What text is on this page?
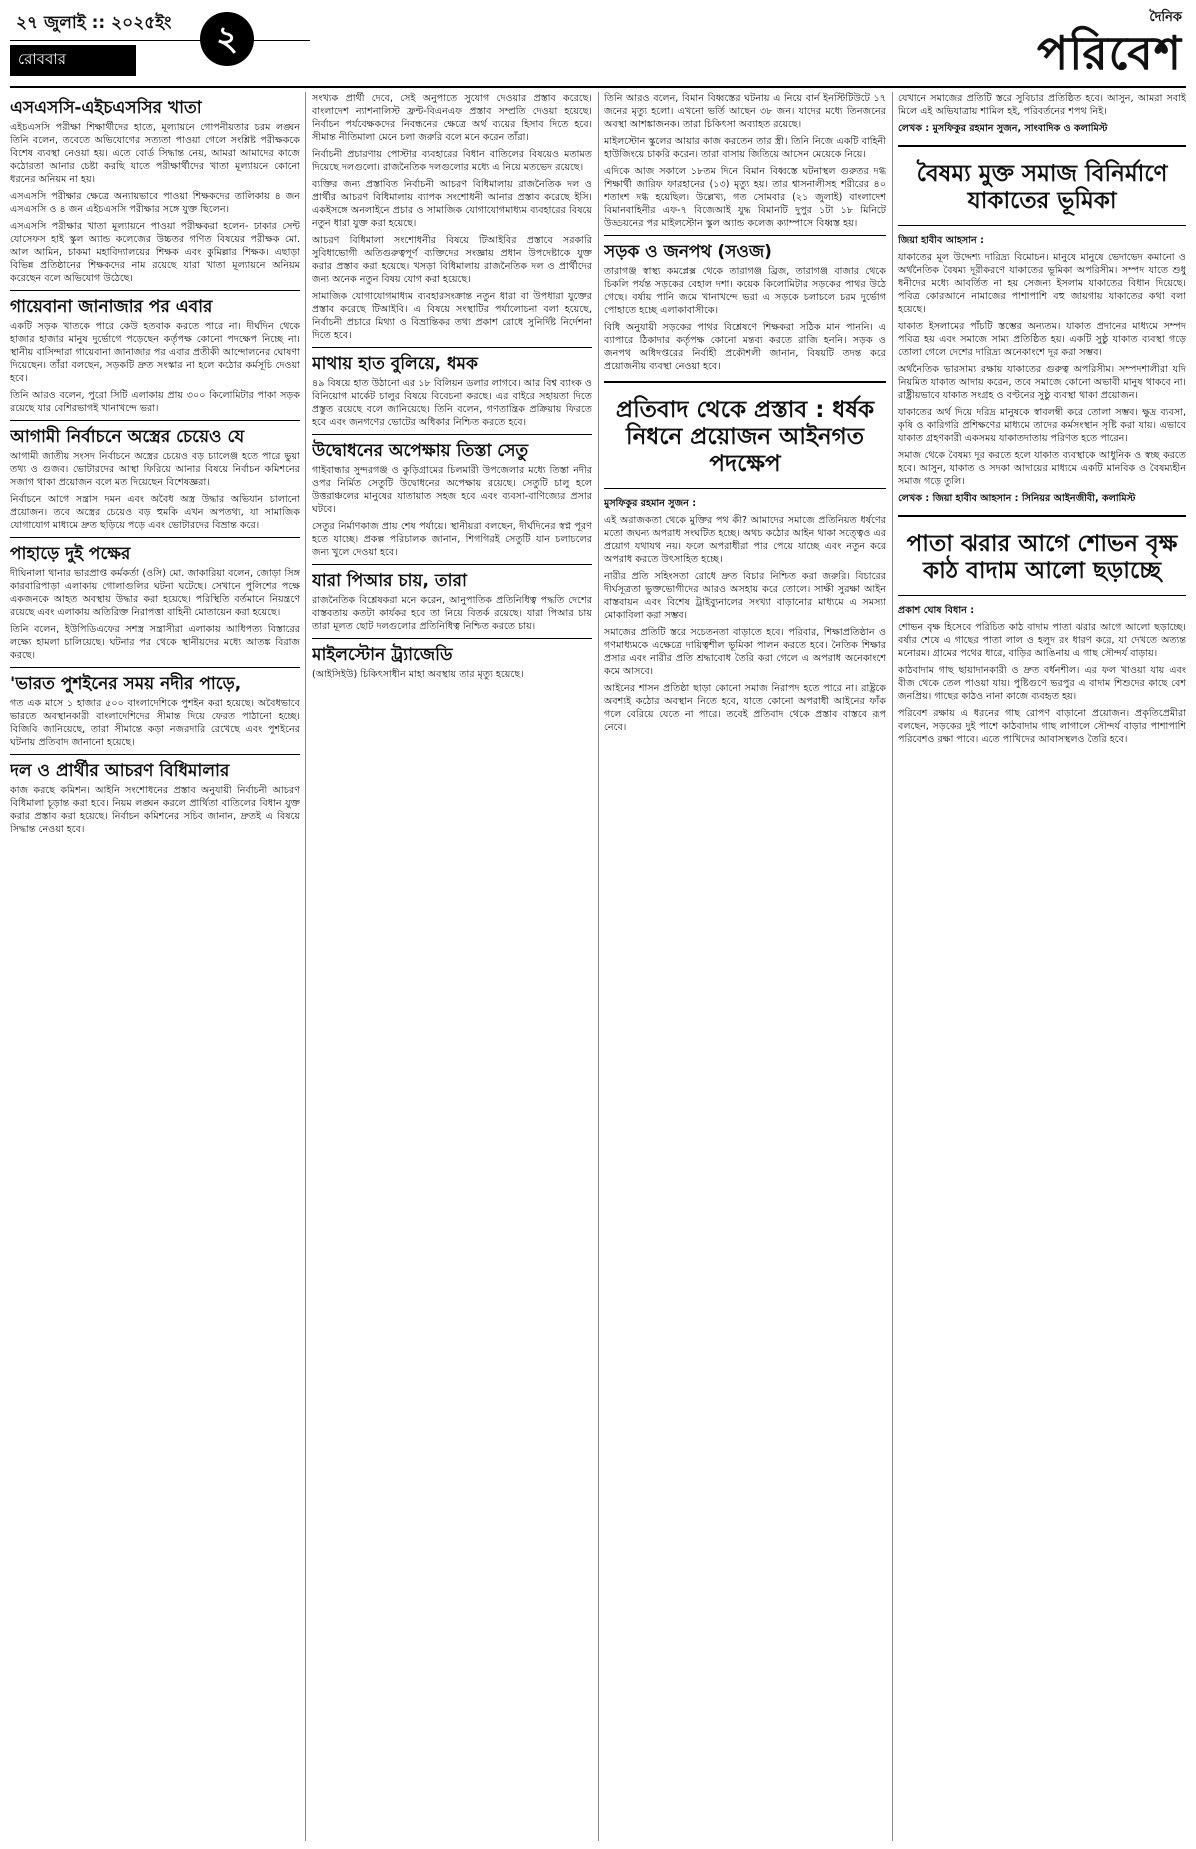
২৭ জুলাই :: ২০২৫ইং
রোববার	২
দৈনিক
পরিবেশ
এসএসসি-এইচএসসির খাতা

এইচএসসি পরীক্ষা শিক্ষার্থীদের হাতে, মূল্যায়নে গোপনীয়তার চরম লঙ্ঘন তিনি বলেন, তবেতে অভিযোগের সত্যতা পাওয়া গেলে সংশ্লিষ্ট পরীক্ষককে বিশেষ ব্যবস্থা নেওয়া হয়। এতে বোর্ড সিদ্ধান্ত নেয়, আমরা আমাদের কাজে কঠোরতা আনার চেষ্টা করছি যাতে পরীক্ষার্থীদের খাতা মূল্যায়নে কোনো ধরনের অনিয়ম না হয়।

এসএসসি পরীক্ষার ক্ষেত্রে অন্যায়ভাবে পাওয়া শিক্ষকদের তালিকায় ৪ জন এসএসসি ও ৪ জন এইচএসসি পরীক্ষার সঙ্গে যুক্ত ছিলেন।

এসএসসি পরীক্ষার খাতা মূল্যায়নে পাওয়া পরীক্ষকরা হলেন- ঢাকার সেন্ট যোসেফস হাই স্কুল অ্যান্ড কলেজের উচ্চতর গণিত বিষয়ের পরীক্ষক মো. আল আমিন, চাকমা মহাবিদ্যালয়ের শিক্ষক এবং কুমিল্লার শিক্ষক। এছাড়া বিভিন্ন প্রতিষ্ঠানের শিক্ষকদের নাম রয়েছে যারা খাতা মূল্যায়নে অনিয়ম করেছেন বলে অভিযোগ উঠেছে।

গায়েবানা জানাজার পর এবার

একটি সড়ক খাতকে পারে কেউ হতবাক করতে পারে না। দীর্ঘদিন থেকে হাজার হাজার মানুষ দুর্ভোগে পড়েছেন কর্তৃপক্ষ কোনো পদক্ষেপ নিচ্ছে না। স্থানীয় বাসিন্দারা গায়েবানা জানাজার পর এবার প্রতীকী আন্দোলনের ঘোষণা দিয়েছেন। তাঁরা বলছেন, সড়কটি দ্রুত সংস্কার না হলে কঠোর কর্মসূচি দেওয়া হবে।

তিনি আরও বলেন, পুরো সিটি এলাকায় প্রায় ৩০০ কিলোমিটার পাকা সড়ক রয়েছে যার বেশিরভাগই খানাখন্দে ভরা।

আগামী নির্বাচনে অস্ত্রের চেয়েও যে

আগামী জাতীয় সংসদ নির্বাচনে অস্ত্রের চেয়েও বড় চ্যালেঞ্জ হতে পারে ভুয়া তথ্য ও গুজব। ভোটারদের আস্থা ফিরিয়ে আনার বিষয়ে নির্বাচন কমিশনের সজাগ থাকা প্রয়োজন বলে মত দিয়েছেন বিশেষজ্ঞরা।

নির্বাচনে আগে সন্ত্রাস দমন এবং অবৈধ অস্ত্র উদ্ধার অভিযান চালানো প্রয়োজন। তবে অস্ত্রের চেয়েও বড় হুমকি এখন অপতথ্য, যা সামাজিক যোগাযোগ মাধ্যমে দ্রুত ছড়িয়ে পড়ে এবং ভোটারদের বিভ্রান্ত করে।

পাহাড়ে দুই পক্ষের

দীঘিনালা থানার ভারপ্রাপ্ত কর্মকর্তা (ওসি) মো. জাকারিয়া বলেন, জোড়া সিঙ্গ কারবারিপাড়া এলাকায় গোলাগুলির ঘটনা ঘটেছে। সেখানে পুলিশের পক্ষে একজনকে আহত অবস্থায় উদ্ধার করা হয়েছে। পরিস্থিতি বর্তমানে নিয়ন্ত্রণে রয়েছে এবং এলাকায় অতিরিক্ত নিরাপত্তা বাহিনী মোতায়েন করা হয়েছে।

তিনি বলেন, ইউপিডিএফের সশস্ত্র সন্ত্রাসীরা এলাকায় আধিপত্য বিস্তারের লক্ষ্যে হামলা চালিয়েছে। ঘটনার পর থেকে স্থানীয়দের মধ্যে আতঙ্ক বিরাজ করছে।

'ভারত পুশইনের সময় নদীর পাড়ে,

গত এক মাসে ১ হাজার ৫০০ বাংলাদেশিকে পুশইন করা হয়েছে। অবৈধভাবে ভারতে অবস্থানকারী বাংলাদেশিদের সীমান্ত দিয়ে ফেরত পাঠানো হচ্ছে। বিজিবি জানিয়েছে, তারা সীমান্তে কড়া নজরদারি রেখেছে এবং পুশইনের ঘটনায় প্রতিবাদ জানানো হয়েছে।

দল ও প্রার্থীর আচরণ বিধিমালার

কাজ করছে কমিশন। আইনি সংশোধনের প্রস্তাব অনুযায়ী নির্বাচনী আচরণ বিধিমালা চূড়ান্ত করা হবে। নিয়ম লঙ্ঘন করলে প্রার্থিতা বাতিলের বিধান যুক্ত করার প্রস্তাব করা হয়েছে। নির্বাচন কমিশনের সচিব জানান, দ্রুতই এ বিষয়ে সিদ্ধান্ত নেওয়া হবে।

সংখ্যক প্রার্থী দেবে, সেই অনুপাতে সুযোগ দেওয়ার প্রস্তাব করেছে। বাংলাদেশ ন্যাশনালিস্ট ফ্রন্ট-বিএনএফ প্রস্তাব সম্প্রতি দেওয়া হয়েছে। নির্বাচন পর্যবেক্ষকদের নিবন্ধনের ক্ষেত্রে অর্থ ব্যয়ের হিসাব দিতে হবে। সীমান্ত নীতিমালা মেনে চলা জরুরি বলে মনে করেন তাঁরা।

নির্বাচনী প্রচারণায় পোস্টার ব্যবহারের বিধান বাতিলের বিষয়েও মতামত দিয়েছে দলগুলো। রাজনৈতিক দলগুলোর মধ্যে এ নিয়ে মতভেদ রয়েছে।

ব্যক্তির জন্য প্রস্তাবিত নির্বাচনী আচরণ বিধিমালায় রাজনৈতিক দল ও প্রার্থীর আচরণ বিধিমালায় ব্যাপক সংশোধনী আনার প্রস্তাব করেছে ইসি। একইসঙ্গে অনলাইনে প্রচার ও সামাজিক যোগাযোগমাধ্যম ব্যবহারের বিষয়ে নতুন ধারা যুক্ত করা হয়েছে।

আচরণ বিধিমালা সংশোধনীর বিষয়ে টিআইবির প্রস্তাবে সরকারি সুবিধাভোগী অতিগুরুত্বপূর্ণ ব্যক্তিদের সংজ্ঞায় প্রধান উপদেষ্টাকে যুক্ত করার প্রস্তাব করা হয়েছে। খসড়া বিধিমালায় রাজনৈতিক দল ও প্রার্থীদের জন্য অনেক নতুন বিষয় যোগ করা হয়েছে।

সামাজিক যোগাযোগমাধ্যম ব্যবহারসংক্রান্ত নতুন ধারা বা উপধারা যুক্তের প্রস্তাব করেছে টিআইবি। এ বিষয়ে সংস্থাটির পর্যালোচনা বলা হয়েছে, নির্বাচনী প্রচারে মিথ্যা ও বিভ্রান্তিকর তথ্য প্রকাশ রোধে সুনির্দিষ্ট নির্দেশনা দিতে হবে।

মাথায় হাত বুলিয়ে, ধমক

৪৯ বিষয়ে হাত উঠানো এর ১৮ বিলিয়ন ডলার লাগবে। আর বিশ্ব ব্যাংক ও বিনিয়োগ মার্কেট চালুর বিষয়ে বিবেচনা করছে। এর বাইরে সহায়তা দিতে প্রস্তুত রয়েছে বলে জানিয়েছে। তিনি বলেন, গণতান্ত্রিক প্রক্রিয়ায় ফিরতে হবে এবং জনগণের ভোটের অধিকার নিশ্চিত করতে হবে।

উদ্বোধনের অপেক্ষায় তিস্তা সেতু

গাইবান্ধার সুন্দরগঞ্জ ও কুড়িগ্রামের চিলমারী উপজেলার মধ্যে তিস্তা নদীর ওপর নির্মিত সেতুটি উদ্বোধনের অপেক্ষায় রয়েছে। সেতুটি চালু হলে উত্তরাঞ্চলের মানুষের যাতায়াত সহজ হবে এবং ব্যবসা-বাণিজ্যের প্রসার ঘটবে।

সেতুর নির্মাণকাজ প্রায় শেষ পর্যায়ে। স্থানীয়রা বলছেন, দীর্ঘদিনের স্বপ্ন পূরণ হতে যাচ্ছে। প্রকল্প পরিচালক জানান, শিগগিরই সেতুটি যান চলাচলের জন্য খুলে দেওয়া হবে।

যারা পিআর চায়, তারা

রাজনৈতিক বিশ্লেষকরা মনে করেন, আনুপাতিক প্রতিনিধিত্ব পদ্ধতি দেশের বাস্তবতায় কতটা কার্যকর হবে তা নিয়ে বিতর্ক রয়েছে। যারা পিআর চায় তারা মূলত ছোট দলগুলোর প্রতিনিধিত্ব নিশ্চিত করতে চায়।

মাইলস্টোন ট্র্যাজেডি

(আইসিইউ) চিকিৎসাধীন মাহা অবস্থায় তার মৃত্যু হয়েছে।

তিনি আরও বলেন, বিমান বিধ্বস্তের ঘটনায় এ নিয়ে বার্ন ইনস্টিটিউটে ১৭ জনের মৃত্যু হলো। এখনো ভর্তি আছেন ৩৮ জন। যাদের মধ্যে তিনজনের অবস্থা আশঙ্কাজনক। তারা চিকিৎসা অব্যাহত রয়েছে।

মাইলস্টোন স্কুলের আয়ার কাজ করতেন তার স্ত্রী। তিনি নিজে একটি বাহিনী হাউজিংয়ে চাকরি করেন। তারা বাসায় জিতিয়ে আসেন মেয়েকে নিয়ে।

এদিকে আজ সকালে ১৮তম দিনে বিমান বিধ্বস্তে ঘটনাস্থল গুরুতর দগ্ধ শিক্ষার্থী জারিফ ফারহানের (১৩) মৃত্যু হয়। তার শ্বাসনালীসহ শরীরের ৪০ শতাংশ দগ্ধ হয়েছিল। উল্লেখ্য, গত সোমবার (২১ জুলাই) বাংলাদেশ বিমানবাহিনীর এফ-৭ বিজেআই যুদ্ধ বিমানটি দুপুর ১টা ১৮ মিনিটে উড্ডয়নের পর মাইলস্টোন স্কুল অ্যান্ড কলেজ ক্যাম্পাসে বিধ্বস্ত হয়।

সড়ক ও জনপথ (সওজ)

তারাগঞ্জ স্বাস্থ্য কমপ্লেক্স থেকে তারাগঞ্জ ব্রিজ, তারাগঞ্জ বাজার থেকে চিকলি পর্যন্ত সড়কের বেহাল দশা। কয়েক কিলোমিটার সড়কের পাথর উঠে গেছে। বর্ষায় পানি জমে খানাখন্দে ভরা এ সড়কে চলাচলে চরম দুর্ভোগ পোহাতে হচ্ছে এলাকাবাসীকে।

বিধি অনুযায়ী সড়কের পাথর বিশ্লেষণে শিক্ষকরা সঠিক মান পাননি। এ ব্যাপারে ঠিকাদার কর্তৃপক্ষ কোনো মন্তব্য করতে রাজি হননি। সড়ক ও জনপথ অধিদপ্তরের নির্বাহী প্রকৌশলী জানান, বিষয়টি তদন্ত করে প্রয়োজনীয় ব্যবস্থা নেওয়া হবে।

প্রতিবাদ থেকে প্রস্তাব : ধর্ষক নিধনে প্রয়োজন আইনগত পদক্ষেপ
মুসফিকুর রহমান সুজন :

এই অরাজকতা থেকে মুক্তির পথ কী? আমাদের সমাজে প্রতিনিয়ত ধর্ষণের মতো জঘন্য অপরাধ সংঘটিত হচ্ছে। অথচ কঠোর আইন থাকা সত্ত্বেও এর প্রয়োগ যথাযথ নয়। ফলে অপরাধীরা পার পেয়ে যাচ্ছে এবং নতুন করে অপরাধ করতে উৎসাহিত হচ্ছে।

নারীর প্রতি সহিংসতা রোধে দ্রুত বিচার নিশ্চিত করা জরুরি। বিচারের দীর্ঘসূত্রতা ভুক্তভোগীদের আরও অসহায় করে তোলে। সাক্ষী সুরক্ষা আইন বাস্তবায়ন এবং বিশেষ ট্রাইব্যুনালের সংখ্যা বাড়ানোর মাধ্যমে এ সমস্যা মোকাবিলা করা সম্ভব।

সমাজের প্রতিটি স্তরে সচেতনতা বাড়াতে হবে। পরিবার, শিক্ষাপ্রতিষ্ঠান ও গণমাধ্যমকে এক্ষেত্রে দায়িত্বশীল ভূমিকা পালন করতে হবে। নৈতিক শিক্ষার প্রসার এবং নারীর প্রতি শ্রদ্ধাবোধ তৈরি করা গেলে এ অপরাধ অনেকাংশে কমে আসবে।

আইনের শাসন প্রতিষ্ঠা ছাড়া কোনো সমাজ নিরাপদ হতে পারে না। রাষ্ট্রকে অবশ্যই কঠোর অবস্থান নিতে হবে, যাতে কোনো অপরাধী আইনের ফাঁক গলে বেরিয়ে যেতে না পারে। তবেই প্রতিবাদ থেকে প্রস্তাব বাস্তবে রূপ নেবে।

যেখানে সমাজের প্রতিটি স্তরে সুবিচার প্রতিষ্ঠিত হবে। আসুন, আমরা সবাই মিলে এই অভিযাত্রায় শামিল হই, পরিবর্তনের শপথ নিই।

লেখক : মুসফিকুর রহমান সুজন, সাংবাদিক ও কলামিস্ট
বৈষম্য মুক্ত সমাজ বিনির্মাণে যাকাতের ভূমিকা
জিয়া হাবীব আহসান :

যাকাতের মূল উদ্দেশ্য দারিদ্র্য বিমোচন। মানুষে মানুষে ভেদাভেদ কমানো ও অর্থনৈতিক বৈষম্য দূরীকরণে যাকাতের ভূমিকা অপরিসীম। সম্পদ যাতে শুধু ধনীদের মধ্যে আবর্তিত না হয় সেজন্য ইসলাম যাকাতের বিধান দিয়েছে। পবিত্র কোরআনে নামাজের পাশাপাশি বহু জায়গায় যাকাতের কথা বলা হয়েছে।

যাকাত ইসলামের পাঁচটি স্তম্ভের অন্যতম। যাকাত প্রদানের মাধ্যমে সম্পদ পবিত্র হয় এবং সমাজে সাম্য প্রতিষ্ঠিত হয়। একটি সুষ্ঠু যাকাত ব্যবস্থা গড়ে তোলা গেলে দেশের দারিদ্র্য অনেকাংশে দূর করা সম্ভব।

অর্থনৈতিক ভারসাম্য রক্ষায় যাকাতের গুরুত্ব অপরিসীম। সম্পদশালীরা যদি নিয়মিত যাকাত আদায় করেন, তবে সমাজে কোনো অভাবী মানুষ থাকবে না। রাষ্ট্রীয়ভাবে যাকাত সংগ্রহ ও বণ্টনের সুষ্ঠু ব্যবস্থা থাকা প্রয়োজন।

যাকাতের অর্থ দিয়ে দরিদ্র মানুষকে স্বাবলম্বী করে তোলা সম্ভব। ক্ষুদ্র ব্যবসা, কৃষি ও কারিগরি প্রশিক্ষণের মাধ্যমে তাদের কর্মসংস্থান সৃষ্টি করা যায়। এভাবে যাকাত গ্রহণকারী একসময় যাকাতদাতায় পরিণত হতে পারেন।

সমাজ থেকে বৈষম্য দূর করতে হলে যাকাত ব্যবস্থাকে আধুনিক ও স্বচ্ছ করতে হবে। আসুন, যাকাত ও সদকা আদায়ের মাধ্যমে একটি মানবিক ও বৈষম্যহীন সমাজ গড়ে তুলি।

লেখক : জিয়া হাবীব আহসান : সিনিয়র আইনজীবী, কলামিস্ট
পাতা ঝরার আগে শোভন বৃক্ষ কাঠ বাদাম আলো ছড়াচ্ছে
প্রকাশ ঘোষ বিধান :

শোভন বৃক্ষ হিসেবে পরিচিত কাঠ বাদাম পাতা ঝরার আগে আলো ছড়াচ্ছে। বর্ষার শেষে এ গাছের পাতা লাল ও হলুদ রং ধারণ করে, যা দেখতে অত্যন্ত মনোরম। গ্রামের পথের ধারে, বাড়ির আঙিনায় এ গাছ সৌন্দর্য বাড়ায়।

কাঠবাদাম গাছ ছায়াদানকারী ও দ্রুত বর্ধনশীল। এর ফল খাওয়া যায় এবং বীজ থেকে তেল পাওয়া যায়। পুষ্টিগুণে ভরপুর এ বাদাম শিশুদের কাছে বেশ জনপ্রিয়। গাছের কাঠও নানা কাজে ব্যবহৃত হয়।

পরিবেশ রক্ষায় এ ধরনের গাছ রোপণ বাড়ানো প্রয়োজন। প্রকৃতিপ্রেমীরা বলছেন, সড়কের দুই পাশে কাঠবাদাম গাছ লাগালে সৌন্দর্য বাড়ার পাশাপাশি পরিবেশও রক্ষা পাবে। এতে পাখিদের আবাসস্থলও তৈরি হবে।
